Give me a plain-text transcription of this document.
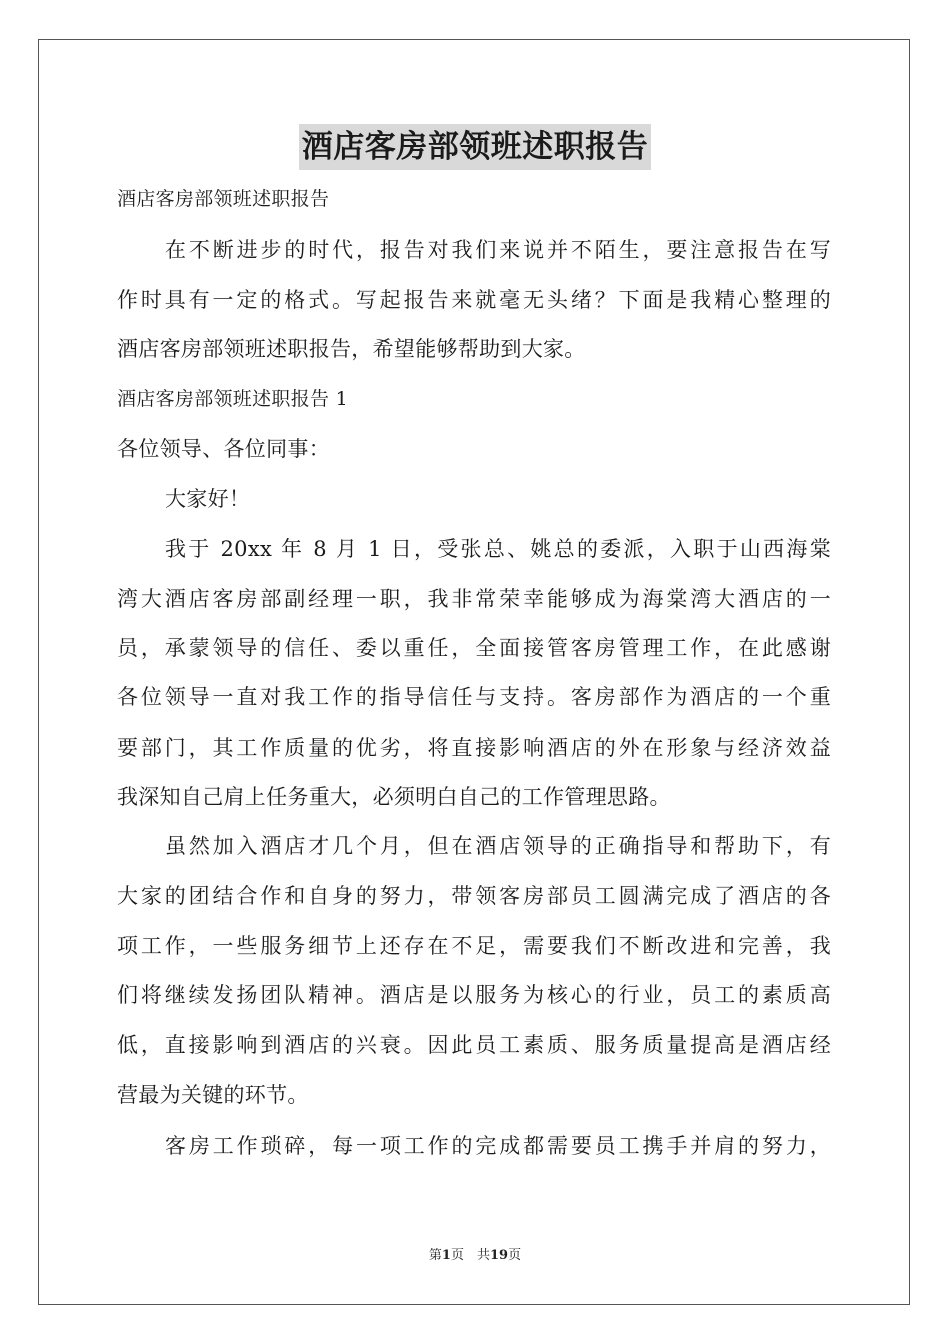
酒店客房部领班述职报告
酒店客房部领班述职报告
在不断进步的时代，报告对我们来说并不陌生，要注意报告在写
作时具有一定的格式。写起报告来就毫无头绪？下面是我精心整理的
酒店客房部领班述职报告，希望能够帮助到大家。
酒店客房部领班述职报告 1
各位领导、各位同事：
大家好！
我于 20xx 年 8 月 1 日，受张总、姚总的委派，入职于山西海棠
湾大酒店客房部副经理一职，我非常荣幸能够成为海棠湾大酒店的一
员，承蒙领导的信任、委以重任，全面接管客房管理工作，在此感谢
各位领导一直对我工作的指导信任与支持。客房部作为酒店的一个重
要部门，其工作质量的优劣，将直接影响酒店的外在形象与经济效益
我深知自己肩上任务重大，必须明白自己的工作管理思路。
虽然加入酒店才几个月，但在酒店领导的正确指导和帮助下，有
大家的团结合作和自身的努力，带领客房部员工圆满完成了酒店的各
项工作，一些服务细节上还存在不足，需要我们不断改进和完善，我
们将继续发扬团队精神。酒店是以服务为核心的行业，员工的素质高
低，直接影响到酒店的兴衰。因此员工素质、服务质量提高是酒店经
营最为关键的环节。
客房工作琐碎，每一项工作的完成都需要员工携手并肩的努力，
第1页　共19页
